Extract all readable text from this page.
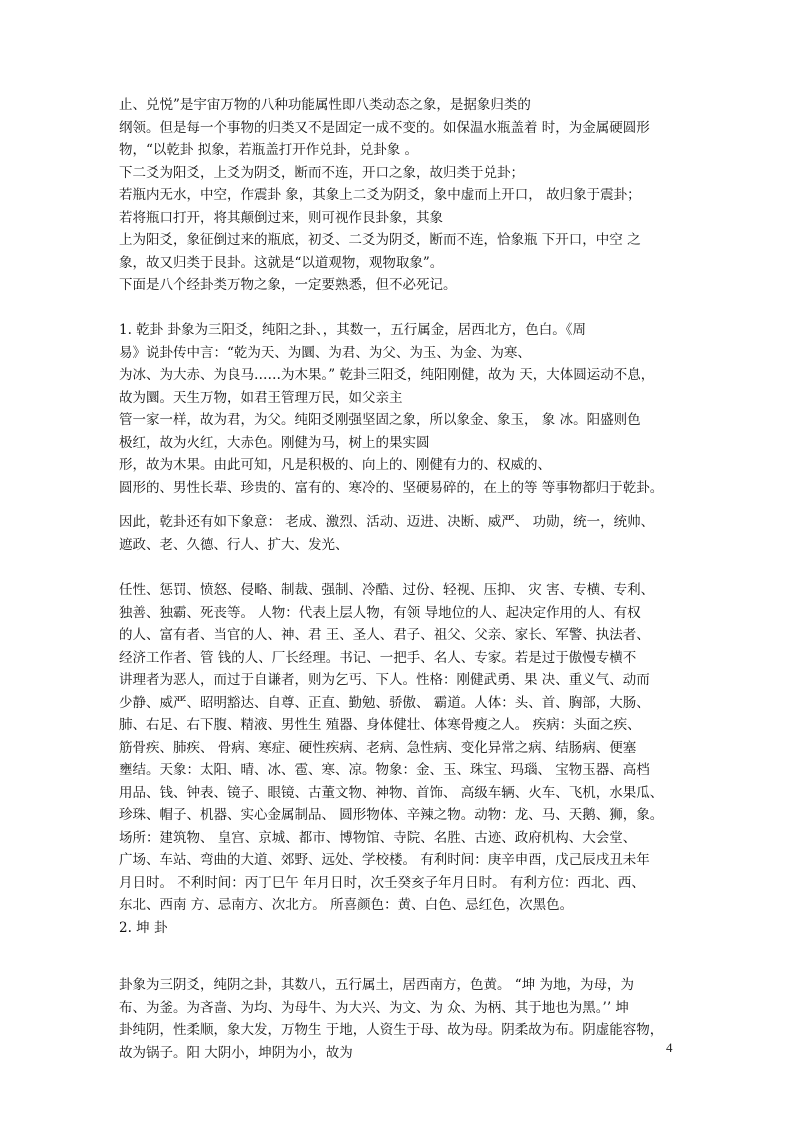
止、兑悦”是宇宙万物的八种功能属性即八类动态之象，是据象归类的
纲领。但是每一个事物的归类又不是固定一成不变的。如保温水瓶盖着 时，为金属硬圆形
物，“以乾卦 拟象，若瓶盖打开作兑卦，兑卦象 。
下二爻为阳爻，上爻为阴爻，断而不连，开口之象，故归类于兑卦；
若瓶内无水，中空，作震卦 象，其象上二爻为阴爻，象中虚而上开口， 故归象于震卦；
若将瓶口打开，将其颠倒过来，则可视作艮卦象，其象
上为阳爻，象征倒过来的瓶底，初爻、二爻为阴爻，断而不连，恰象瓶 下开口，中空 之
象，故又归类于艮卦。这就是“以道观物，观物取象”。
下面是八个经卦类万物之象，一定要熟悉，但不必死记。
1. 乾卦 卦象为三阳爻，纯阳之卦、，其数一，五行属金，居西北方，色白。《周
易》说卦传中言：“乾为天、为圜、为君、为父、为玉、为金、为寒、
为冰、为大赤、为良马……为木果。” 乾卦三阳爻，纯阳刚健，故为 天，大体圆运动不息，
故为圜。天生万物，如君王管理万民，如父亲主
管一家一样，故为君，为父。纯阳爻刚强坚固之象，所以象金、象玉， 象 冰。阳盛则色
极红，故为火红，大赤色。刚健为马，树上的果实圆
形，故为木果。由此可知，凡是积极的、向上的、刚健有力的、权威的、
圆形的、男性长辈、珍贵的、富有的、寒冷的、坚硬易碎的，在上的等 等事物都归于乾卦。
因此，乾卦还有如下象意： 老成、激烈、活动、迈进、决断、威严、 功勋，统一，统帅、
遮政、老、久德、行人、扩大、发光、
任性、惩罚、愤怒、侵略、制裁、强制、冷酷、过份、轻视、压抑、 灾 害、专横、专利、
独善、独霸、死丧等。 人物：代表上层人物，有领 导地位的人、起决定作用的人、有权
的人、富有者、当官的人、神、君 王、圣人、君子、祖父、父亲、家长、军警、执法者、
经济工作者、管 钱的人、厂长经理。书记、一把手、名人、专家。若是过于傲慢专横不
讲理者为恶人，而过于自谦者，则为乞丐、下人。性格：刚健武勇、果 决、重义气、动而
少静、威严、昭明豁达、自尊、正直、勤勉、骄傲、 霸道。人体：头、首、胸部，大肠、
肺、右足、右下腹、精液、男性生 殖器、身体健壮、体寒骨瘦之人。 疾病：头面之疾、
筋骨疾、肺疾、 骨病、寒症、硬性疾病、老病、急性病、变化异常之病、结肠病、便塞
壅结。天象：太阳、晴、冰、雹、寒、凉。物象：金、玉、珠宝、玛瑙、 宝物玉器、高档
用品、钱、钟表、镜子、眼镜、古董文物、神物、首饰、 高级车辆、火车、飞机，水果瓜、
珍珠、帽子、机器、实心金属制品、 圆形物体、辛辣之物。动物：龙、马、天鹅、狮，象。
场所：建筑物、 皇宫、京城、都市、博物馆、寺院、名胜、古迹、政府机构、大会堂、
广场、车站、弯曲的大道、郊野、远处、学校楼。 有利时间：庚辛申酉，戊己辰戌丑未年
月日时。 不利时间：丙丁巳午 年月日时，次壬癸亥子年月日时。 有利方位：西北、西、
东北、西南 方、忌南方、次北方。 所喜颜色：黄、白色、忌红色，次黑色。
2. 坤 卦
卦象为三阴爻，纯阴之卦，其数八，五行属土，居西南方，色黄。 “坤 为地，为母，为
布、为釜。为吝啬、为均、为母牛、为大兴、为文、为 众、为柄、其于地也为黑。’’ 坤
卦纯阴，性柔顺，象大发，万物生 于地，人资生于母、故为母。阴柔故为布。阴虚能容物，
故为锅子。阳 大阴小，坤阴为小，故为	4
